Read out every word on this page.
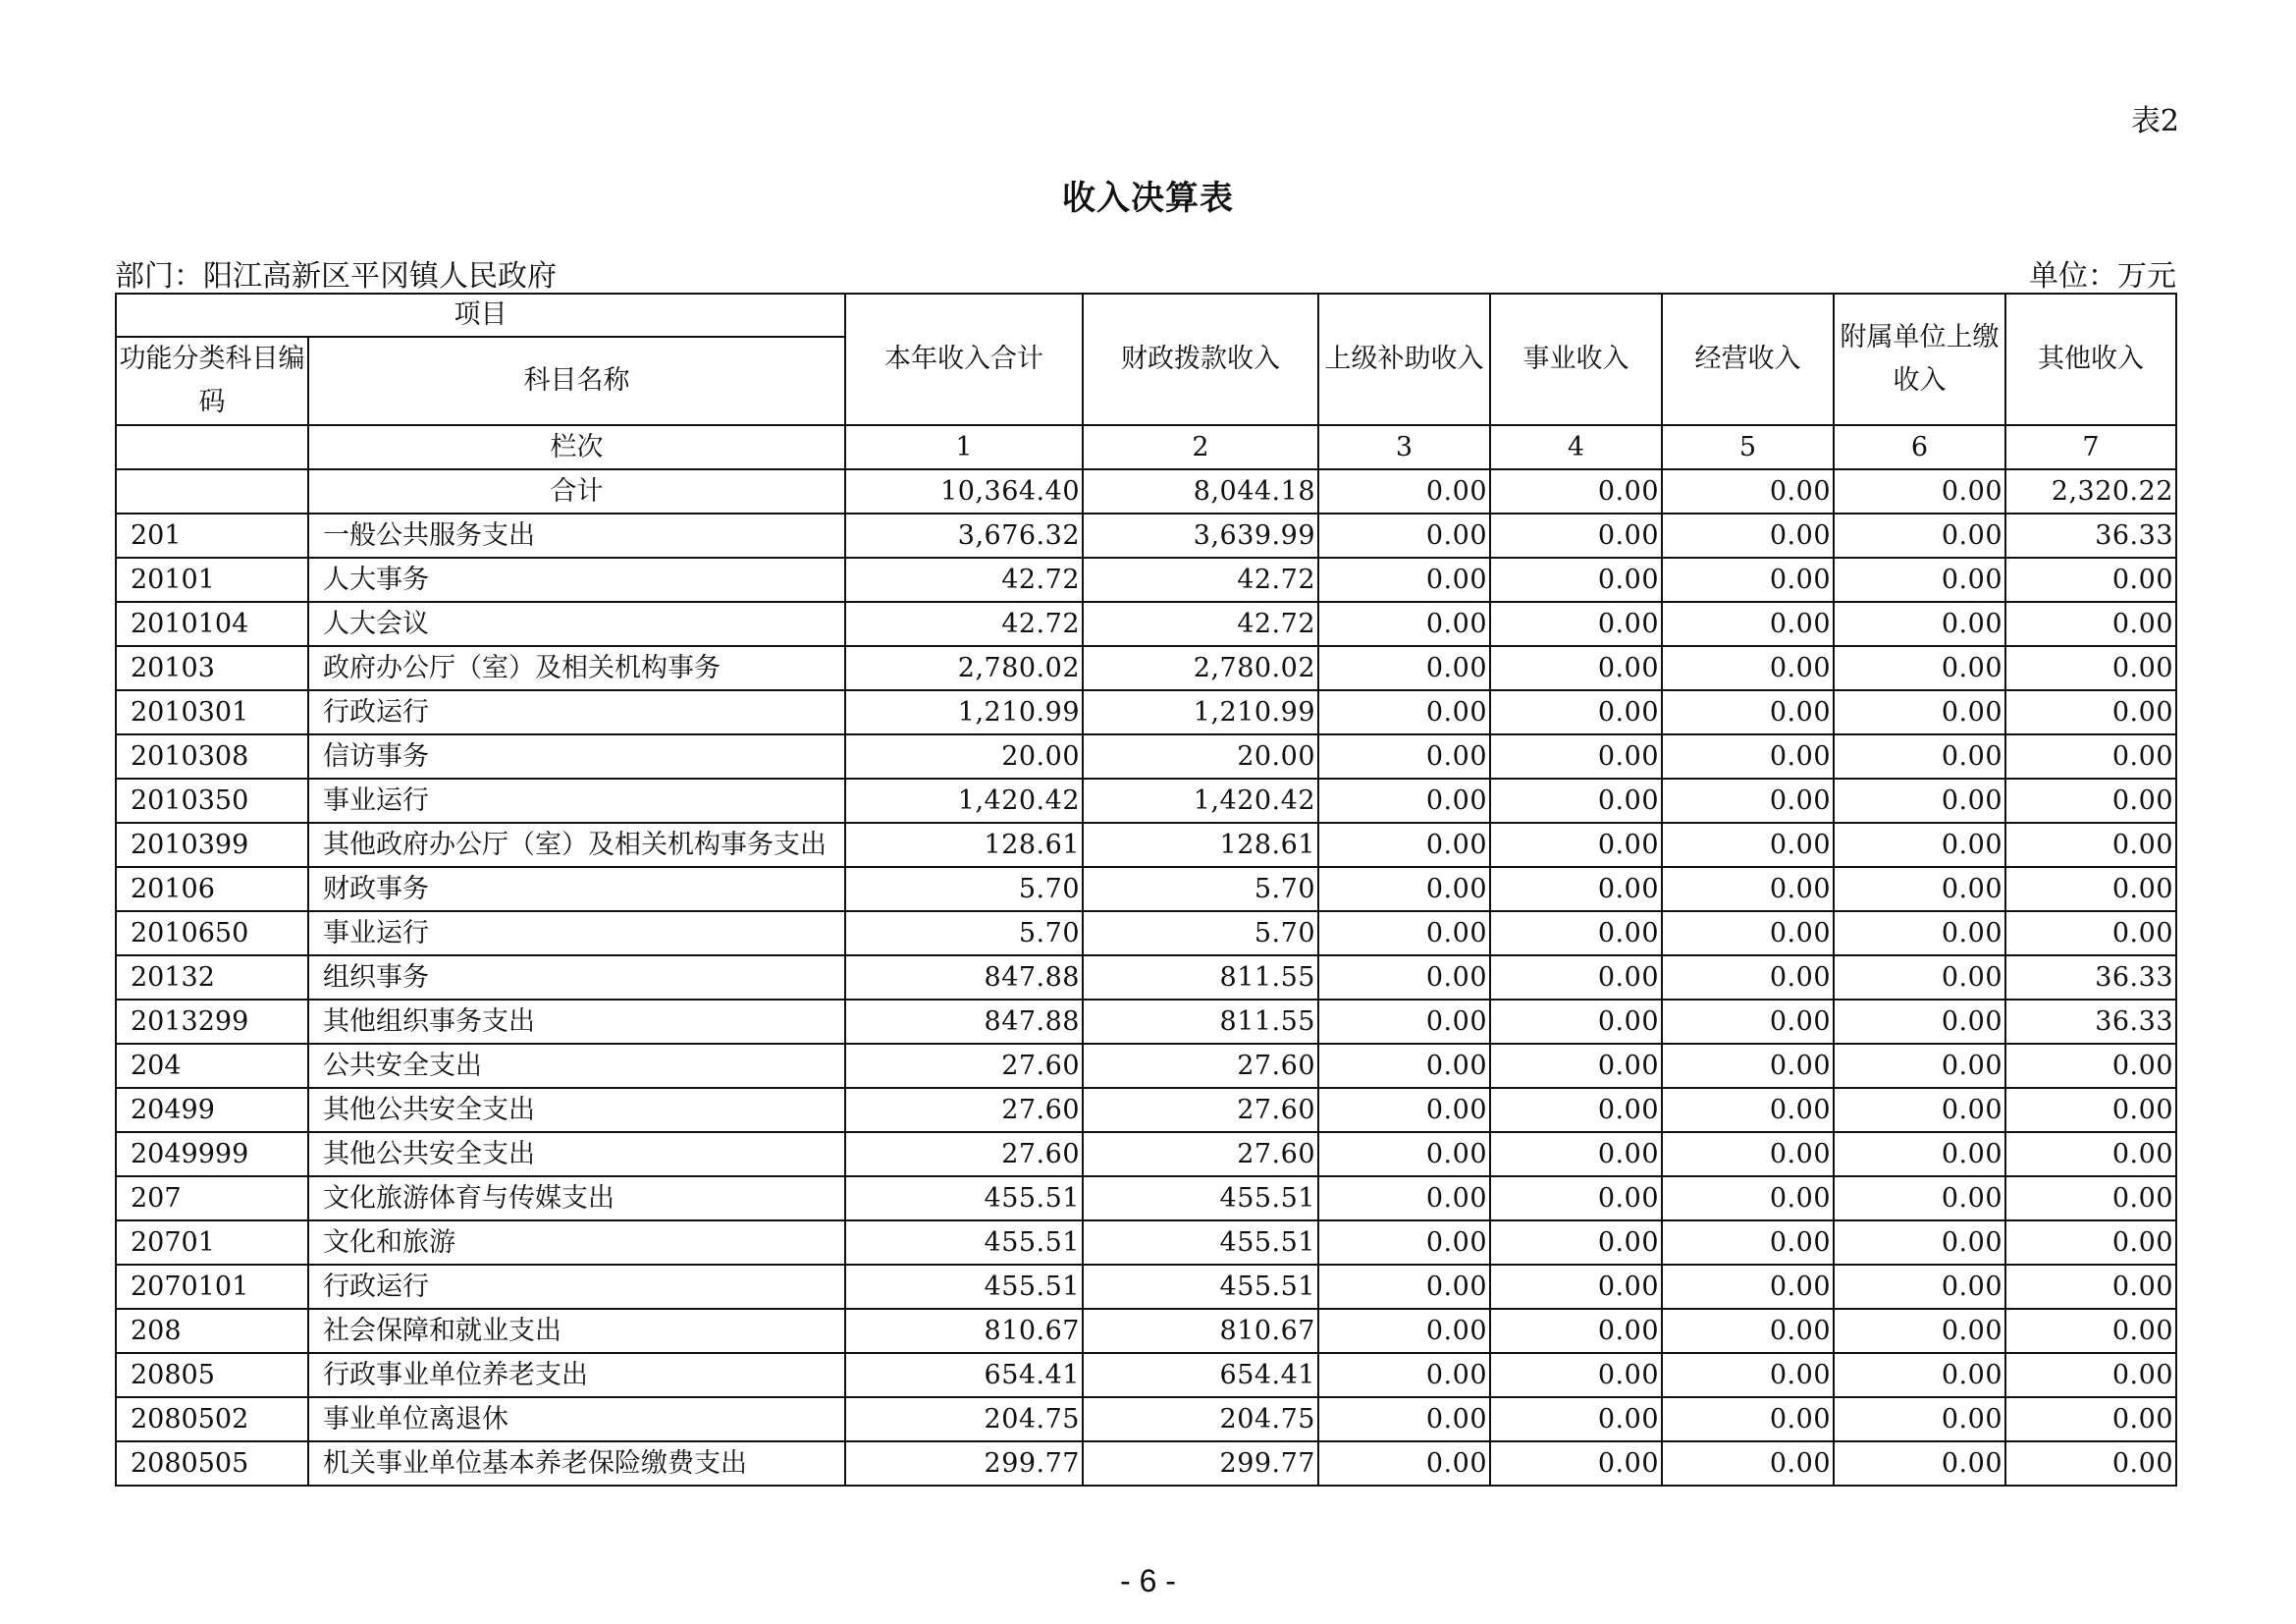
表2
收入决算表
部门：阳江高新区平冈镇人民政府	单位：万元
项目		本年收入合计	财政拨款收入	上级补助收入	事业收入	经营收入	附属单位上缴收入	其他收入
功能分类科目编码	科目名称							
	栏次	1	2	3	4	5	6	7
	合计	10,364.40	8,044.18	0.00	0.00	0.00	0.00	2,320.22
201	一般公共服务支出	3,676.32	3,639.99	0.00	0.00	0.00	0.00	36.33
20101	人大事务	42.72	42.72	0.00	0.00	0.00	0.00	0.00
2010104	人大会议	42.72	42.72	0.00	0.00	0.00	0.00	0.00
20103	政府办公厅（室）及相关机构事务	2,780.02	2,780.02	0.00	0.00	0.00	0.00	0.00
2010301	行政运行	1,210.99	1,210.99	0.00	0.00	0.00	0.00	0.00
2010308	信访事务	20.00	20.00	0.00	0.00	0.00	0.00	0.00
2010350	事业运行	1,420.42	1,420.42	0.00	0.00	0.00	0.00	0.00
2010399	其他政府办公厅（室）及相关机构事务支出	128.61	128.61	0.00	0.00	0.00	0.00	0.00
20106	财政事务	5.70	5.70	0.00	0.00	0.00	0.00	0.00
2010650	事业运行	5.70	5.70	0.00	0.00	0.00	0.00	0.00
20132	组织事务	847.88	811.55	0.00	0.00	0.00	0.00	36.33
2013299	其他组织事务支出	847.88	811.55	0.00	0.00	0.00	0.00	36.33
204	公共安全支出	27.60	27.60	0.00	0.00	0.00	0.00	0.00
20499	其他公共安全支出	27.60	27.60	0.00	0.00	0.00	0.00	0.00
2049999	其他公共安全支出	27.60	27.60	0.00	0.00	0.00	0.00	0.00
207	文化旅游体育与传媒支出	455.51	455.51	0.00	0.00	0.00	0.00	0.00
20701	文化和旅游	455.51	455.51	0.00	0.00	0.00	0.00	0.00
2070101	行政运行	455.51	455.51	0.00	0.00	0.00	0.00	0.00
208	社会保障和就业支出	810.67	810.67	0.00	0.00	0.00	0.00	0.00
20805	行政事业单位养老支出	654.41	654.41	0.00	0.00	0.00	0.00	0.00
2080502	事业单位离退休	204.75	204.75	0.00	0.00	0.00	0.00	0.00
2080505	机关事业单位基本养老保险缴费支出	299.77	299.77	0.00	0.00	0.00	0.00	0.00
- 6 -
